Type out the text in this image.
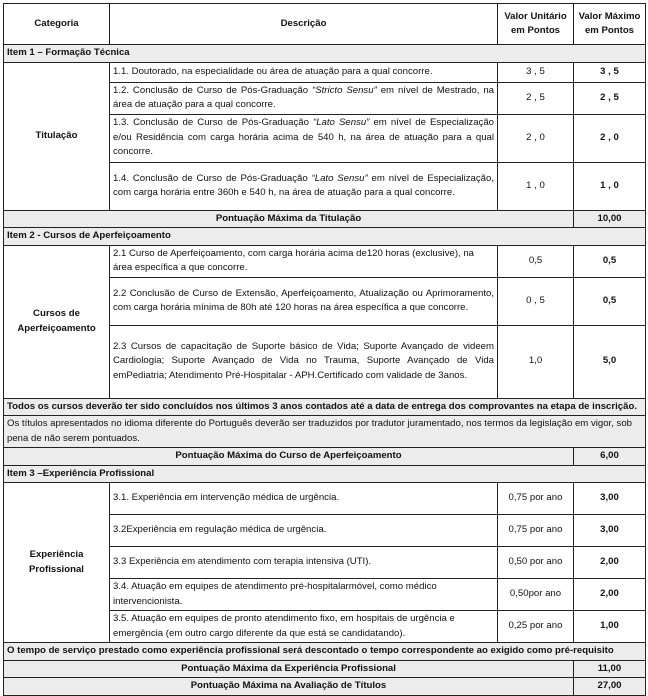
Categoria	Descrição	Valor Unitário em Pontos	Valor Máximo em Pontos
Item 1 – Formação Técnica			
Titulação	1.1. Doutorado, na especialidade ou área de atuação para a qual concorre.	3 , 5	3 , 5
	1.2. Conclusão de Curso de Pós-Graduação “Stricto Sensu” em nível de Mestrado, na área de atuação para a qual concorre.	2 , 5	2 , 5
	1.3. Conclusão de Curso de Pós-Graduação “Lato Sensu” em nível de Especialização e/ou Residência com carga horária acima de 540 h, na área de atuação para a qual concorre.	2 , 0	2 , 0
	1.4. Conclusão de Curso de Pós-Graduação “Lato Sensu” em nível de Especialização, com carga horária entre 360h e 540 h, na área de atuação para a qual concorre.	1 , 0	1 , 0
Pontuação Máxima da Titulação			10,00
Item 2 - Cursos de Aperfeiçoamento			
Cursos de Aperfeiçoamento	2.1 Curso de Aperfeiçoamento, com carga horária acima de120 horas (exclusive), na área específica a que concorre.	0,5	0,5
	2.2 Conclusão de Curso de Extensão, Aperfeiçoamento, Atualização ou Aprimoramento, com carga horária mínima de 80h até 120 horas na área específica a que concorre.	0 , 5	0,5
	2.3 Cursos de capacitação de Suporte básico de Vida; Suporte Avançado de videem Cardiologia; Suporte Avançado de Vida no Trauma, Suporte Avançado de Vida emPediatria; Atendimento Pré-Hospitalar - APH.Certificado com validade de 3anos.	1,0	5,0
Todos os cursos deverão ter sido concluídos nos últimos 3 anos contados até a data de entrega dos comprovantes na etapa de inscrição.			
Os títulos apresentados no idioma diferente do Português deverão ser traduzidos por tradutor juramentado, nos termos da legislação em vigor, sob pena de não serem pontuados.			
Pontuação Máxima do Curso de Aperfeiçoamento			6,00
Item 3 –Experiência Profissional			
Experiência Profissional	3.1. Experiência em intervenção médica de urgência.	0,75 por ano	3,00
	3.2Experiência em regulação médica de urgência.	0,75 por ano	3,00
	3.3 Experiência em atendimento com terapia intensiva (UTI).	0,50 por ano	2,00
	3.4. Atuação em equipes de atendimento pré-hospitalarmóvel, como médico intervencionista.	0,50por ano	2,00
	3.5. Atuação em equipes de pronto atendimento fixo, em hospitais de urgência e emergência (em outro cargo diferente da que está se candidatando).	0,25 por ano	1,00
O tempo de serviço prestado como experiência profissional será descontado o tempo correspondente ao exigido como pré-requisito			
Pontuação Máxima da Experiência Profissional			11,00
Pontuação Máxima na Avaliação de Títulos			27,00
